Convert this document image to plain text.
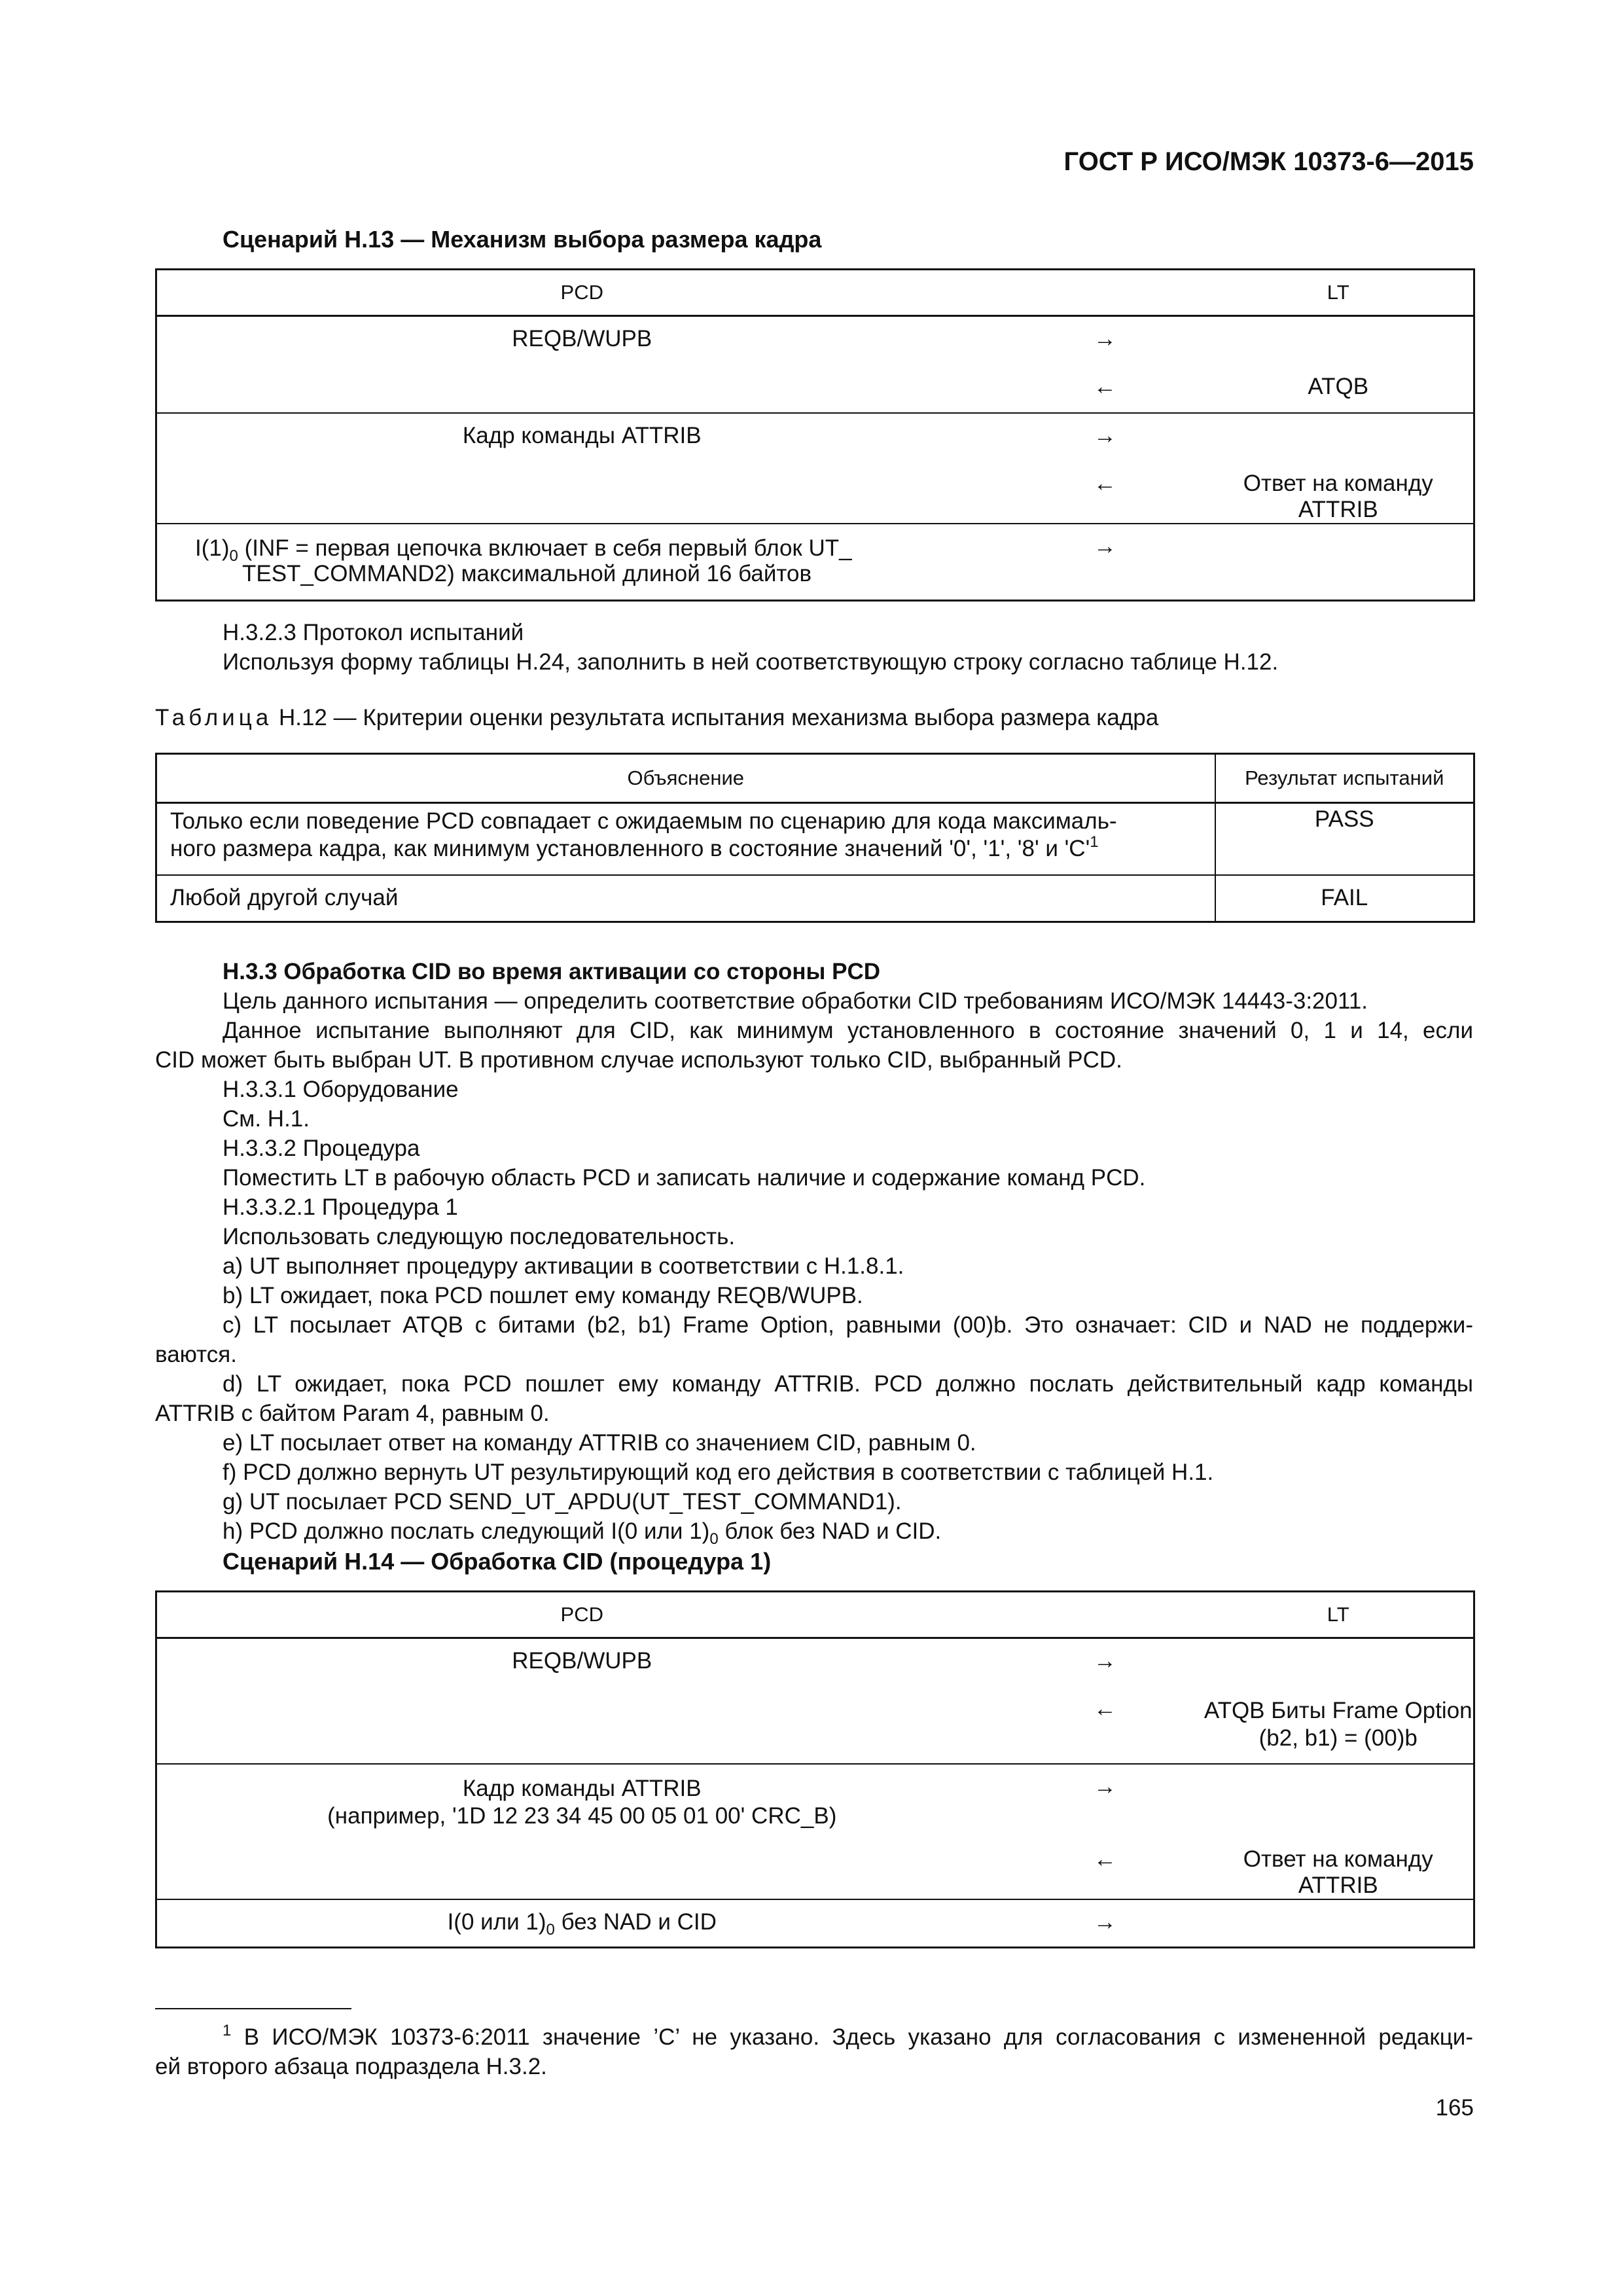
ГОСТ Р ИСО/МЭК 10373-6—2015
Сценарий Н.13 — Механизм выбора размера кадра
PCD		LT
REQB/WUPB	→	
	←	ATQB
Кадр команды ATTRIB	→	
	←	Ответ на команду ATTRIB

$I(1)_0$ (INF = первая цепочка включает в себя первый блок UT_
TEST_COMMAND2) максимальной длиной 16 байтов	→	
Н.3.2.3 Протокол испытаний
Используя форму таблицы Н.24, заполнить в ней соответствующую строку согласно таблице Н.12.
Таблица Н.12 — Критерии оценки результата испытания механизма выбора размера кадра
Объяснение	Результат испытаний

Только если поведение PCD совпадает с ожидаемым по сценарию для кода максималь-
ного размера кадра, как минимум установленного в состояние значений '0', '1', '8' и '$C'^1$	PASS
Любой другой случай	FAIL
Н.3.3 Обработка CID во время активации со стороны PCD
Цель данного испытания — определить соответствие обработки CID требованиям ИСО/МЭК 14443-3:2011.
Данное испытание выполняют для CID, как минимум установленного в состояние значений 0, 1 и 14, если
CID может быть выбран UT. В противном случае используют только CID, выбранный PCD.
Н.3.3.1 Оборудование
См. Н.1.
Н.3.3.2 Процедура
Поместить LT в рабочую область PCD и записать наличие и содержание команд PCD.
Н.3.3.2.1 Процедура 1
Использовать следующую последовательность.
а) UT выполняет процедуру активации в соответствии с Н.1.8.1.
b) LT ожидает, пока PCD пошлет ему команду REQB/WUPB.
c) LT посылает ATQB с битами (b2, b1) Frame Option, равными (00)b. Это означает: CID и NAD не поддержи-
ваются.
d) LT ожидает, пока PCD пошлет ему команду ATTRIB. PCD должно послать действительный кадр команды
ATTRIB с байтом Param 4, равным 0.
e) LT посылает ответ на команду ATTRIB со значением CID, равным 0.
f) PCD должно вернуть UT результирующий код его действия в соответствии с таблицей Н.1.
g) UT посылает PCD SEND_UT_APDU(UT_TEST_COMMAND1).
h) PCD должно послать следующий I(0 или $1)_0$ блок без NAD и CID.
Сценарий Н.14 — Обработка CID (процедура 1)
PCD		LT
REQB/WUPB	→	
	←	ATQB Биты Frame Option
(b2, b1) = (00)b

Кадр команды ATTRIB
(например, '1D 12 23 34 45 00 05 01 00' CRC_B)	→	
	←	Ответ на команду ATTRIB
I(0 или $1)_0$ без NAD и CID	→	
$^1$ В ИСО/МЭК 10373-6:2011 значение ’C’ не указано. Здесь указано для согласования с измененной редакци-
ей второго абзаца подраздела Н.3.2.
165
